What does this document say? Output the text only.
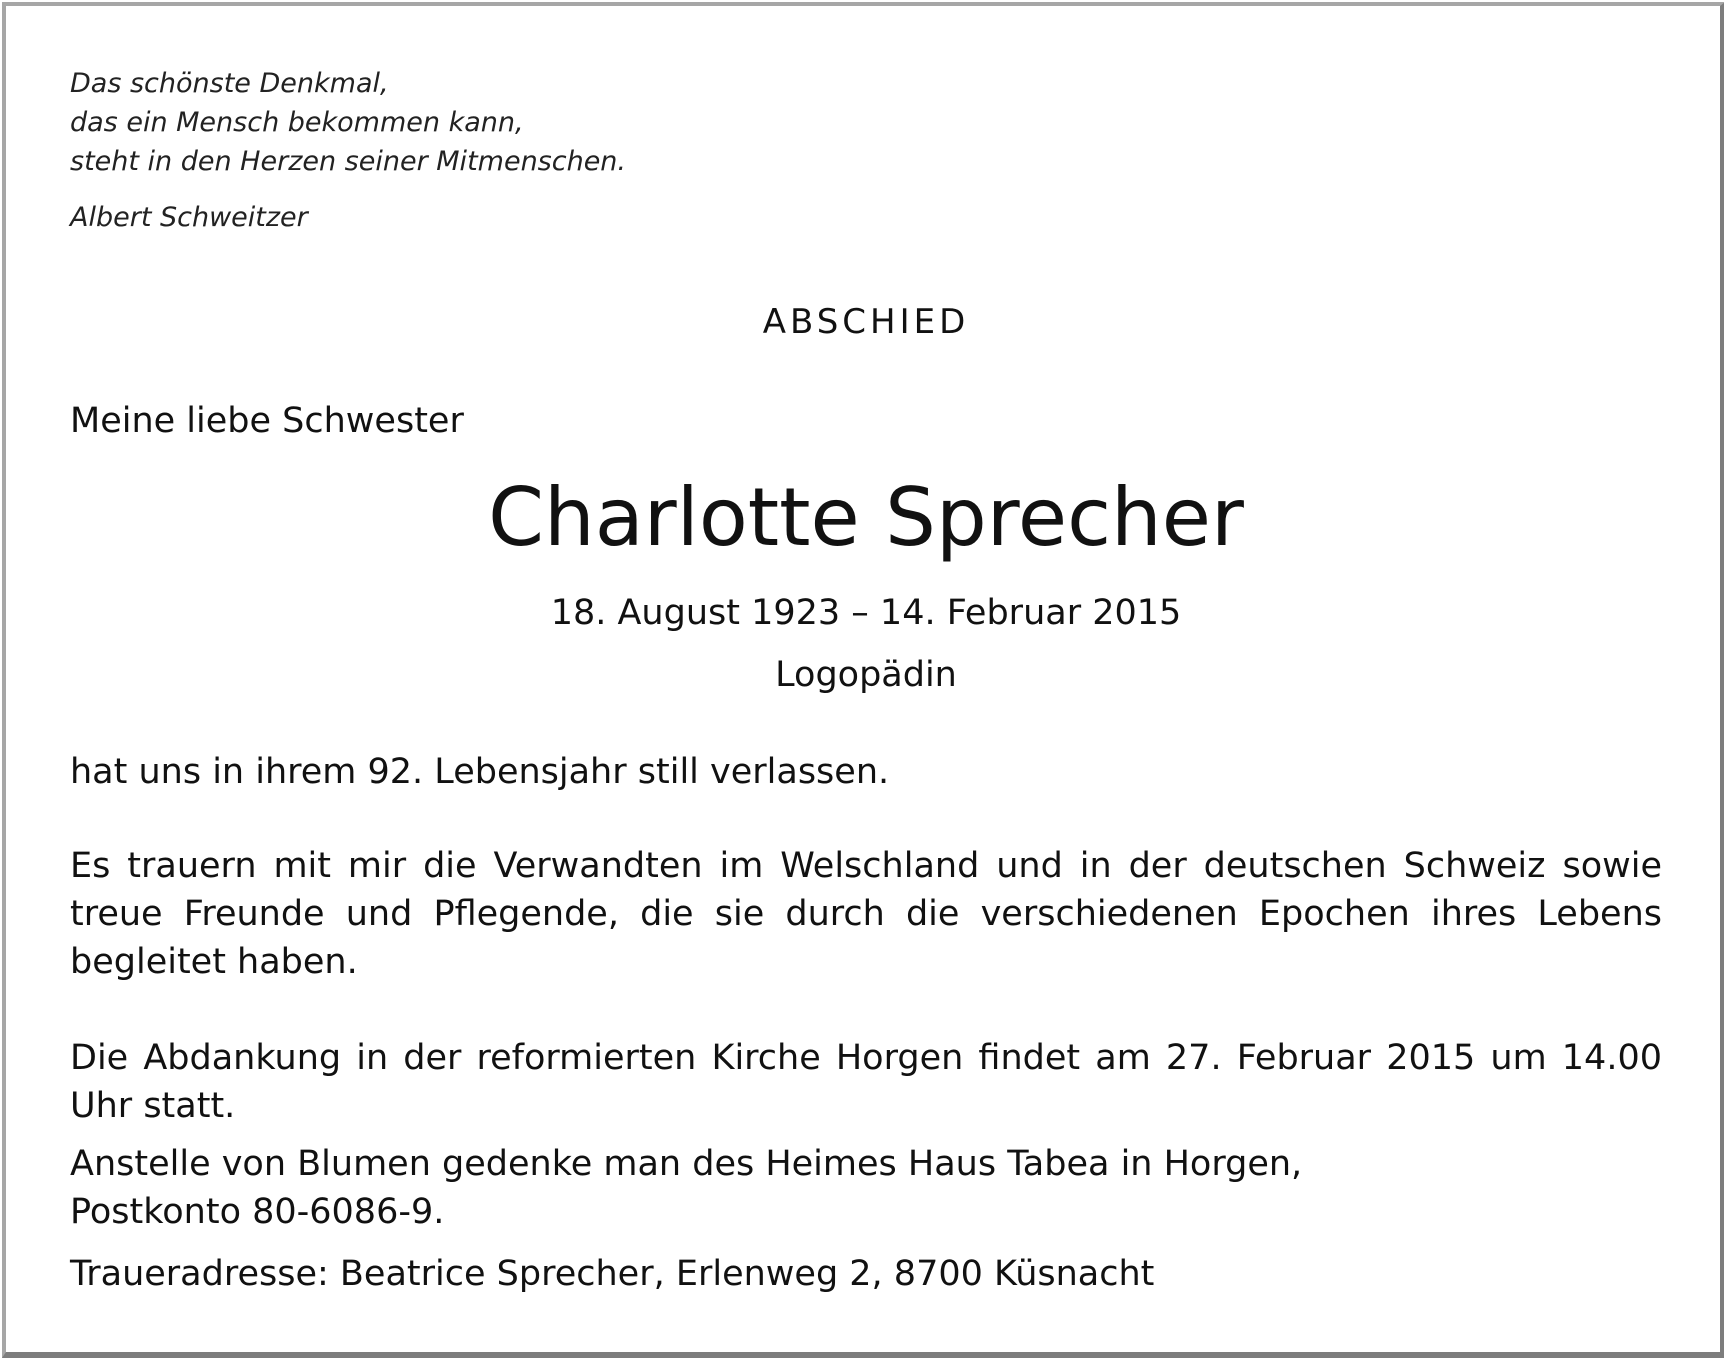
Das schönste Denkmal,
das ein Mensch bekommen kann,
steht in den Herzen seiner Mitmenschen.
Albert Schweitzer
ABSCHIED
Meine liebe Schwester
Charlotte Sprecher
18. August 1923 – 14. Februar 2015
Logopädin
hat uns in ihrem 92. Lebensjahr still verlassen.
Es trauern mit mir die Verwandten im Welschland und in der deutschen Schweiz sowie
treue Freunde und Pflegende, die sie durch die verschiedenen Epochen ihres Lebens
begleitet haben.
Die Abdankung in der reformierten Kirche Horgen findet am 27. Februar 2015 um 14.00
Uhr statt.
Anstelle von Blumen gedenke man des Heimes Haus Tabea in Horgen,
Postkonto 80-6086-9.
Traueradresse: Beatrice Sprecher, Erlenweg 2, 8700 Küsnacht
